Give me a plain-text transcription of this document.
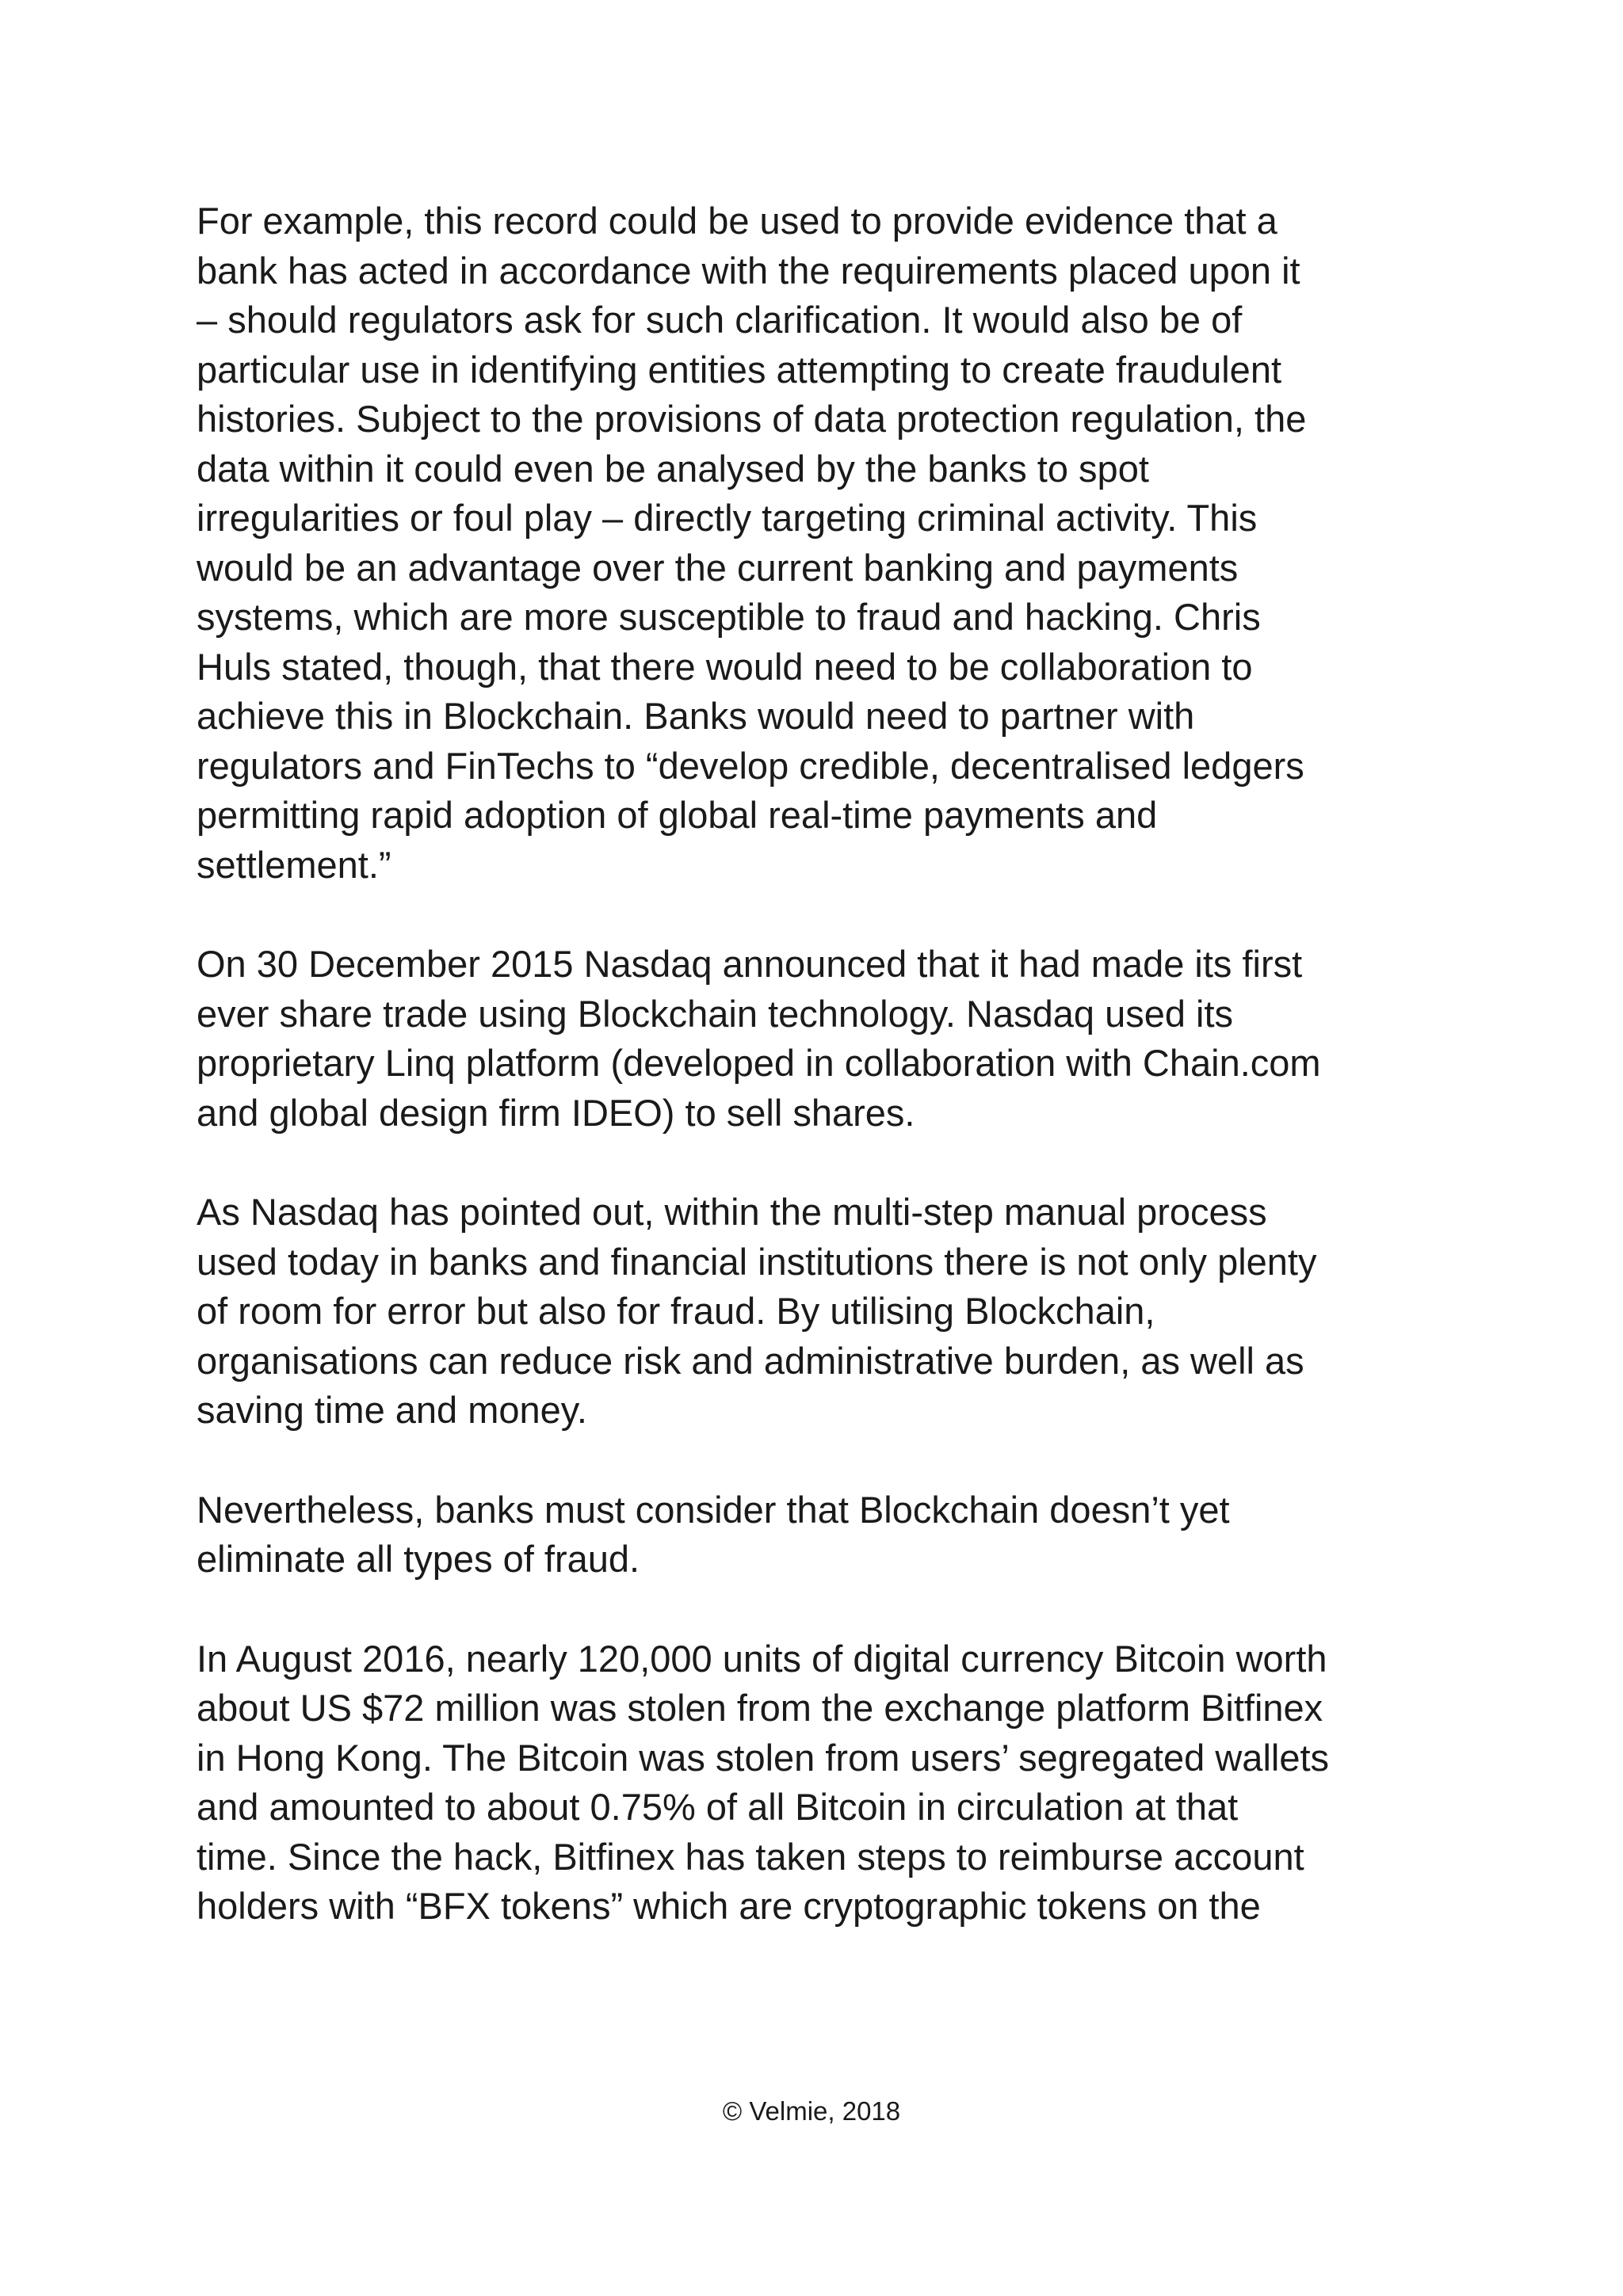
For example, this record could be used to provide evidence that a
bank has acted in accordance with the requirements placed upon it
– should regulators ask for such clarification. It would also be of
particular use in identifying entities attempting to create fraudulent
histories. Subject to the provisions of data protection regulation, the
data within it could even be analysed by the banks to spot
irregularities or foul play – directly targeting criminal activity. This
would be an advantage over the current banking and payments
systems, which are more susceptible to fraud and hacking. Chris
Huls stated, though, that there would need to be collaboration to
achieve this in Blockchain. Banks would need to partner with
regulators and FinTechs to “develop credible, decentralised ledgers
permitting rapid adoption of global real-time payments and
settlement.”

On 30 December 2015 Nasdaq announced that it had made its first
ever share trade using Blockchain technology. Nasdaq used its
proprietary Linq platform (developed in collaboration with Chain.com
and global design firm IDEO) to sell shares.

As Nasdaq has pointed out, within the multi-step manual process
used today in banks and financial institutions there is not only plenty
of room for error but also for fraud. By utilising Blockchain,
organisations can reduce risk and administrative burden, as well as
saving time and money.

Nevertheless, banks must consider that Blockchain doesn’t yet
eliminate all types of fraud.

In August 2016, nearly 120,000 units of digital currency Bitcoin worth
about US $72 million was stolen from the exchange platform Bitfinex
in Hong Kong. The Bitcoin was stolen from users’ segregated wallets
and amounted to about 0.75% of all Bitcoin in circulation at that
time. Since the hack, Bitfinex has taken steps to reimburse account
holders with “BFX tokens” which are cryptographic tokens on the

© Velmie, 2018
